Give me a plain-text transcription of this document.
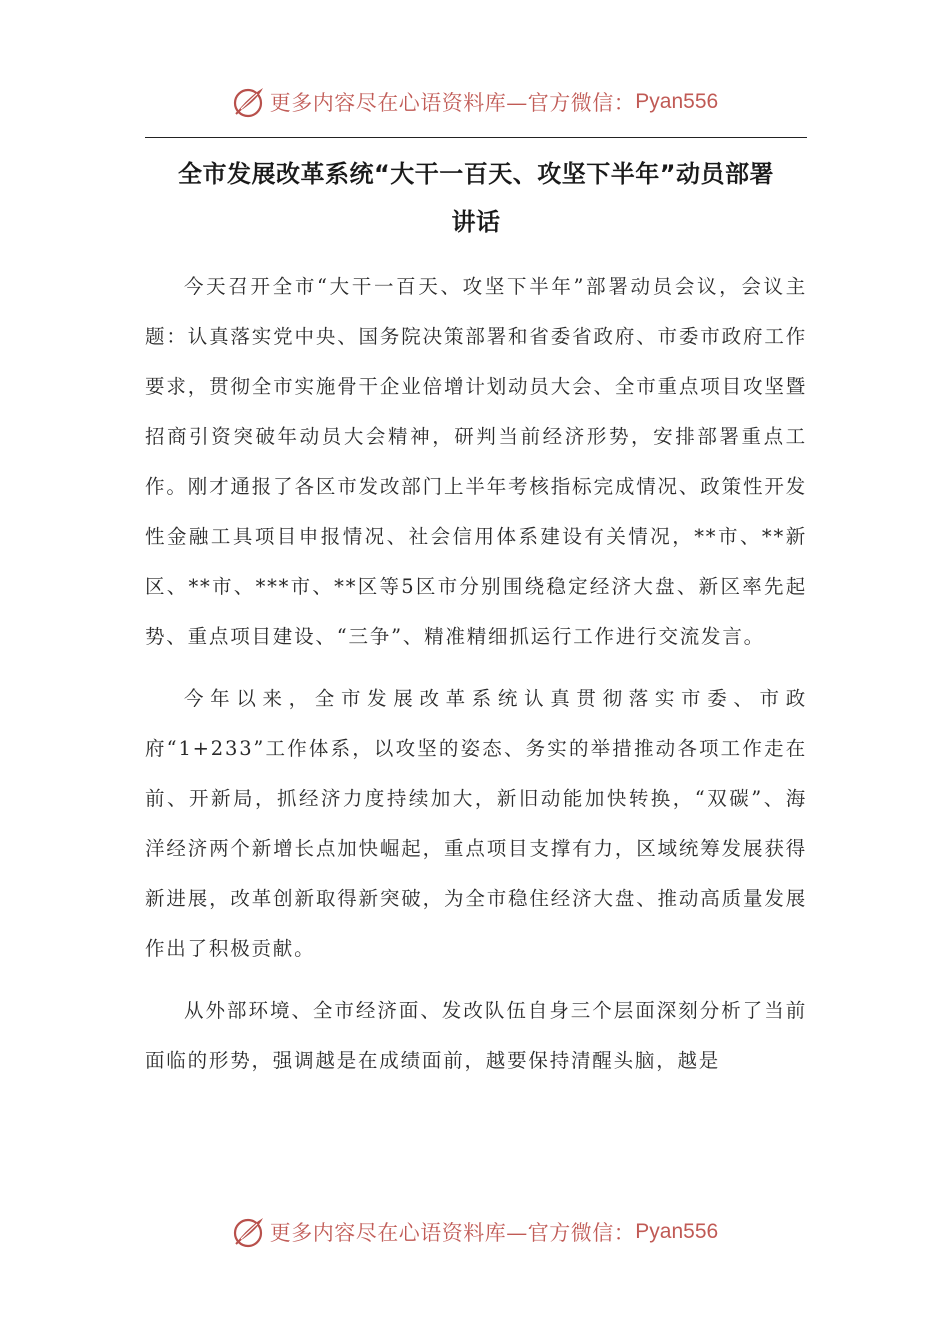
更多内容尽在心语资料库—官方微信： Pyan556
全市发展改革系统“大干一百天、攻坚下半年”动员部署
讲话

今天召开全市“大干一百天、攻坚下半年”部署动员会议，会议主题：认真落实党中央、国务院决策部署和省委省政府、市委市政府工作要求，贯彻全市实施骨干企业倍增计划动员大会、全市重点项目攻坚暨招商引资突破年动员大会精神，研判当前经济形势，安排部署重点工作。刚才通报了各区市发改部门上半年考核指标完成情况、政策性开发性金融工具项目申报情况、社会信用体系建设有关情况，**市、**新区、**市、***市、**区等5区市分别围绕稳定经济大盘、新区率先起势、重点项目建设、“三争”、精准精细抓运行工作进行交流发言。

今年以来，全市发展改革系统认真贯彻落实市委、市政府“1+233”工作体系，以攻坚的姿态、务实的举措推动各项工作走在前、开新局，抓经济力度持续加大，新旧动能加快转换，“双碳”、海洋经济两个新增长点加快崛起，重点项目支撑有力，区域统筹发展获得新进展，改革创新取得新突破，为全市稳住经济大盘、推动高质量发展作出了积极贡献。

从外部环境、全市经济面、发改队伍自身三个层面深刻分析了当前面临的形势，强调越是在成绩面前，越要保持清醒头脑，越是

更多内容尽在心语资料库—官方微信： Pyan556
